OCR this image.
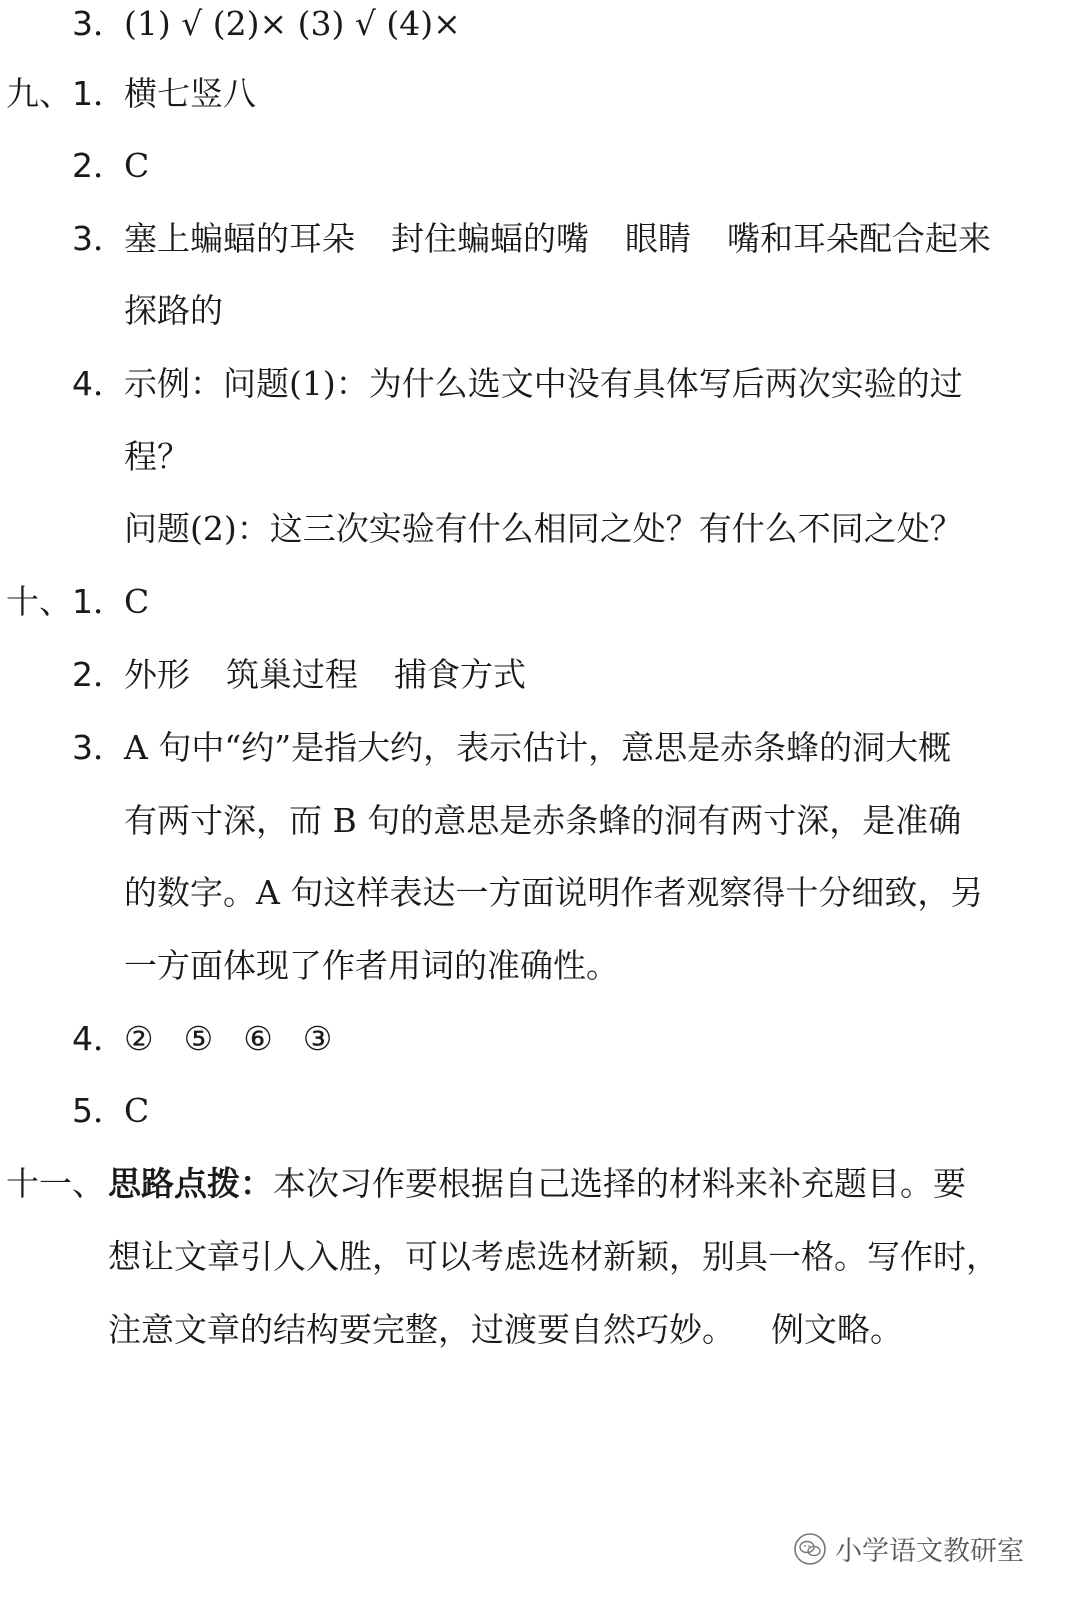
3．
(1) √ (2)× (3) √ (4)×
九、 1．
横七竖八
2．
C
3．
塞上蝙蝠的耳朵 封住蝙蝠的嘴 眼睛 嘴和耳朵配合起来
探路的
4．
示例：问题(1)：为什么选文中没有具体写后两次实验的过
程？
问题(2)：这三次实验有什么相同之处？有什么不同之处？
十、 1．
C
2．
外形 筑巢过程 捕食方式
3．
A 句中“约”是指大约，表示估计，意思是赤条蜂的洞大概
有两寸深，而 B 句的意思是赤条蜂的洞有两寸深，是准确
的数字。A 句这样表达一方面说明作者观察得十分细致，另
一方面体现了作者用词的准确性。
4．
② ⑤ ⑥ ③
5．
C
十一、 思路点拨：本次习作要根据自己选择的材料来补充题目。要
想让文章引人入胜，可以考虑选材新颖，别具一格。写作时，
注意文章的结构要完整，过渡要自然巧妙。 例文略。
小学语文教研室
